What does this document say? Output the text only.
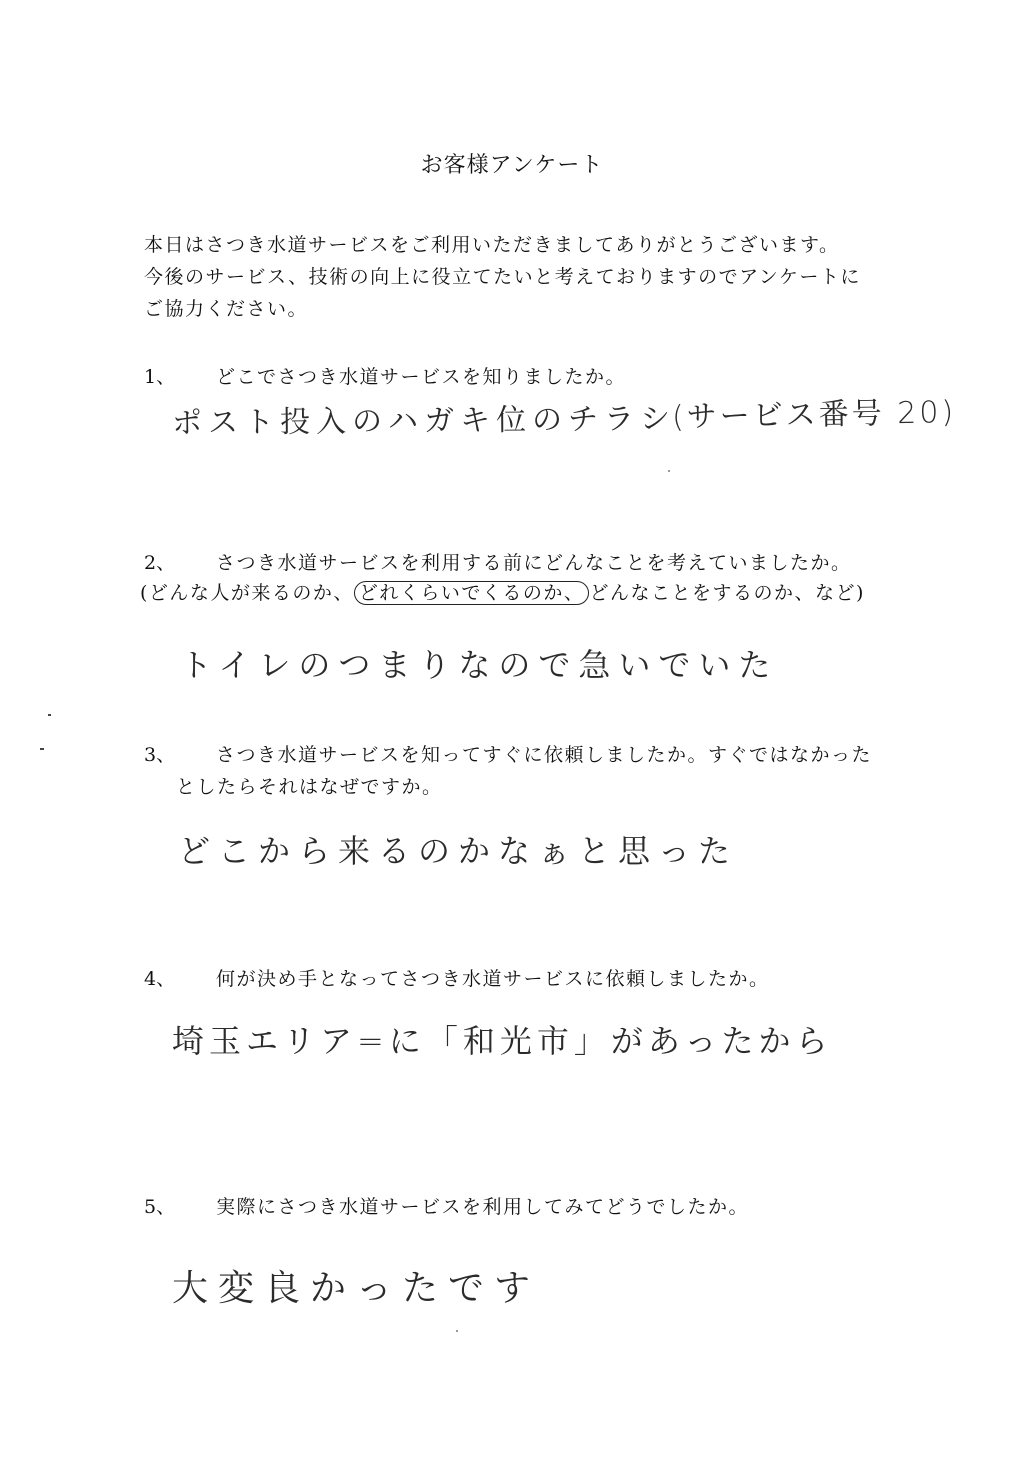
お客様アンケート
本日はさつき水道サービスをご利用いただきましてありがとうございます。
今後のサービス、技術の向上に役立てたいと考えておりますのでアンケートに
ご協力ください。
1、 どこでさつき水道サービスを知りましたか。
ポスト投入のハガキ位のチラシ
(サービス番号 20)
2、 さつき水道サービスを利用する前にどんなことを考えていましたか。
(どんな人が来るのか、 どれくらいでくるのか、 どんなことをするのか、など)
トイレのつまりなので急いでいた
3、 さつき水道サービスを知ってすぐに依頼しましたか。すぐではなかった
としたらそれはなぜですか。
どこから来るのかなぁと思った
4、 何が決め手となってさつき水道サービスに依頼しましたか。
埼玉エリア=に「和光市」があったから
5、 実際にさつき水道サービスを利用してみてどうでしたか。
大変良かったです
